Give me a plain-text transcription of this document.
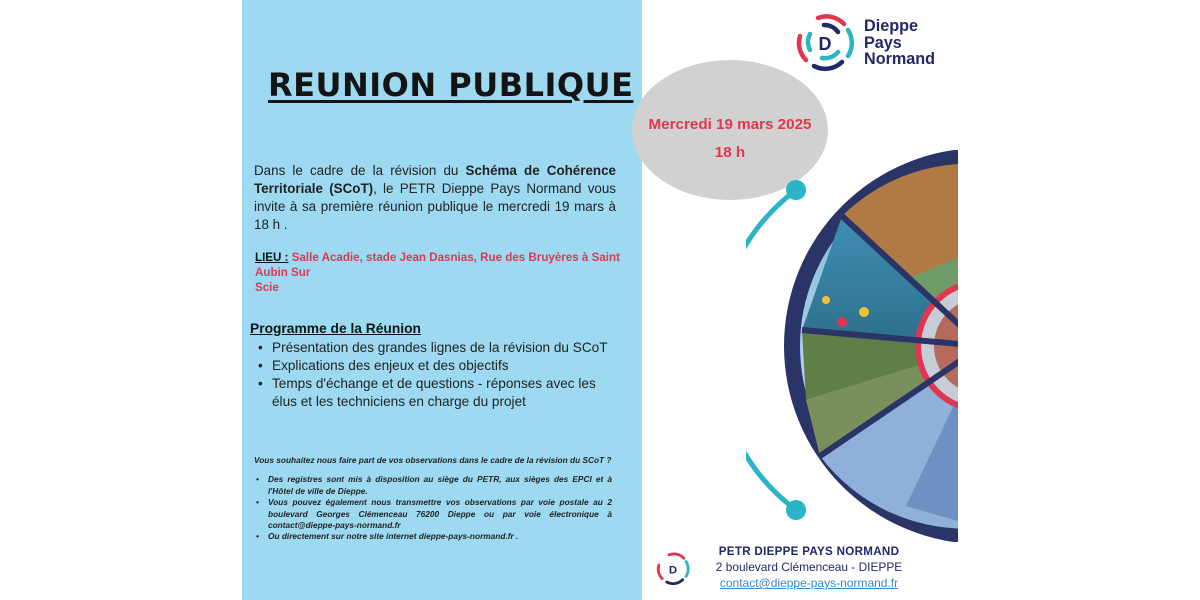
REUNION PUBLIQUE
Dans le cadre de la révision du Schéma de Cohérence Territoriale (SCoT), le PETR Dieppe Pays Normand vous invite à sa première réunion publique le mercredi 19 mars à 18 h .
LIEU : Salle Acadie, stade Jean Dasnias, Rue des Bruyères à Saint Aubin Sur
Scie
Programme de la Réunion
• Présentation des grandes lignes de la révision du SCoT
• Explications des enjeux et des objectifs
• Temps d'échange et de questions - réponses avec les élus et les techniciens en charge du projet
Vous souhaitez nous faire part de vos observations dans le cadre de la révision du SCoT ?
• Des registres sont mis à disposition au siège du PETR, aux sièges des EPCI et à l'Hôtel de ville de Dieppe.
• Vous pouvez également nous transmettre vos observations par voie postale au 2 boulevard Georges Clémenceau 76200 Dieppe ou par voie électronique à contact@dieppe-pays-normand.fr
• Ou directement sur notre site internet dieppe-pays-normand.fr .
Mercredi 19 mars 2025
18 h
D
Dieppe
Pays
Normand
D
PETR DIEPPE PAYS NORMAND
2 boulevard Clémenceau - DIEPPE
contact@dieppe-pays-normand.fr
